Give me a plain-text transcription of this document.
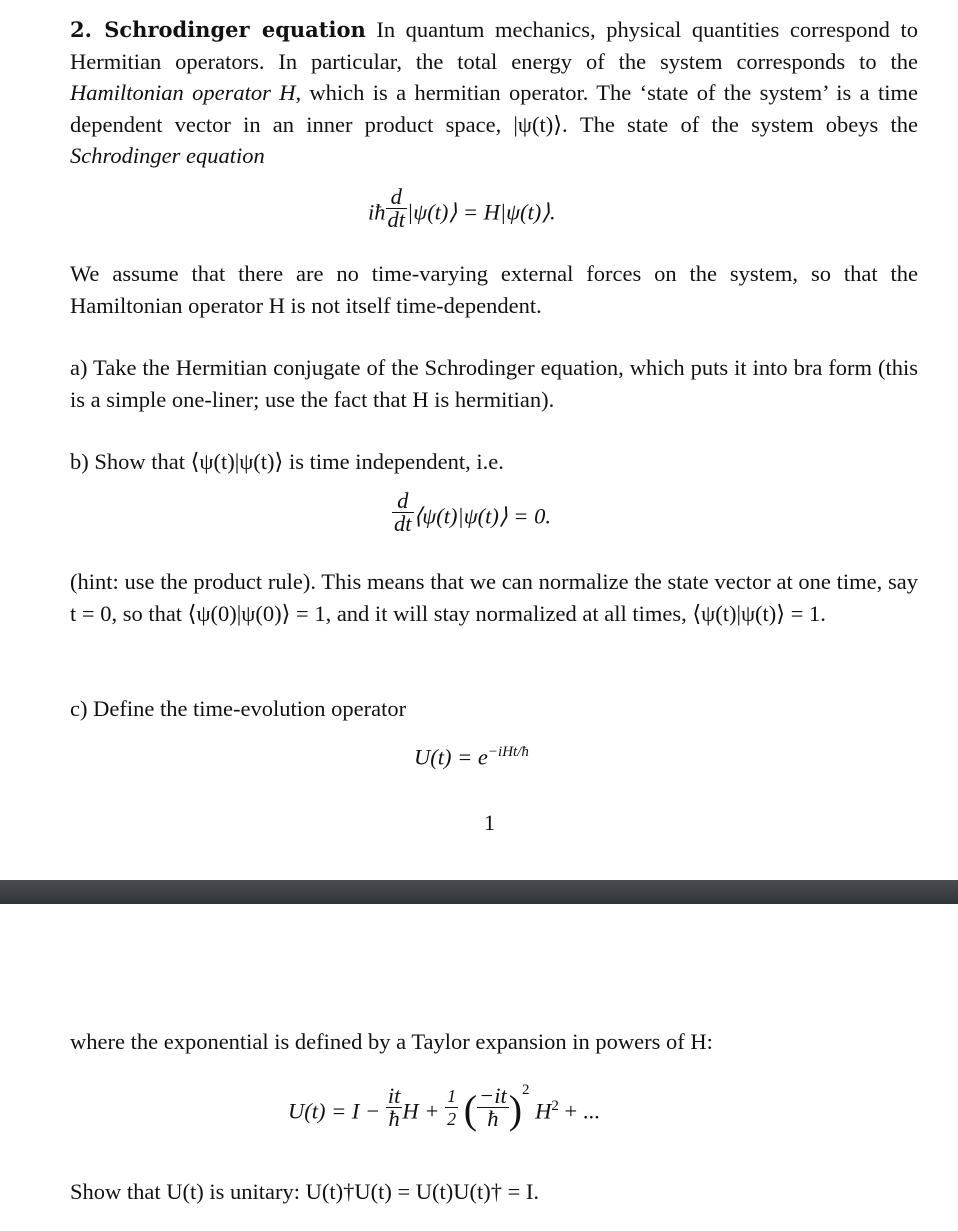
2. Schrodinger equation In quantum mechanics, physical quantities correspond to Hermitian operators. In particular, the total energy of the system corresponds to the Hamiltonian operator H, which is a hermitian operator. The ‘state of the system’ is a time dependent vector in an inner product space, |ψ(t)⟩. The state of the system obeys the Schrodinger equation
iħ $\frac{d}{dt}$ |ψ(t)⟩ = H|ψ(t)⟩.
We assume that there are no time-varying external forces on the system, so that the Hamiltonian operator H is not itself time-dependent.
a) Take the Hermitian conjugate of the Schrodinger equation, which puts it into bra form (this is a simple one-liner; use the fact that H is hermitian).
b) Show that ⟨ψ(t)|ψ(t)⟩ is time independent, i.e.
$\frac{d}{dt}$ ⟨ψ(t)|ψ(t)⟩ = 0.
(hint: use the product rule). This means that we can normalize the state vector at one time, say t = 0, so that ⟨ψ(0)|ψ(0)⟩ = 1, and it will stay normalized at all times, ⟨ψ(t)|ψ(t)⟩ = 1.
c) Define the time-evolution operator
$U(t) = e^{-iHt/ħ}$
1
where the exponential is defined by a Taylor expansion in powers of H:
$U(t) = I - \frac{it}{ħ}$ $H + \frac{1}{2}$ ( $\frac{-it}{ħ} )^2$ $H^2$ + ...
Show that U(t) is unitary: U(t)†U(t) = U(t)U(t)† = I.
